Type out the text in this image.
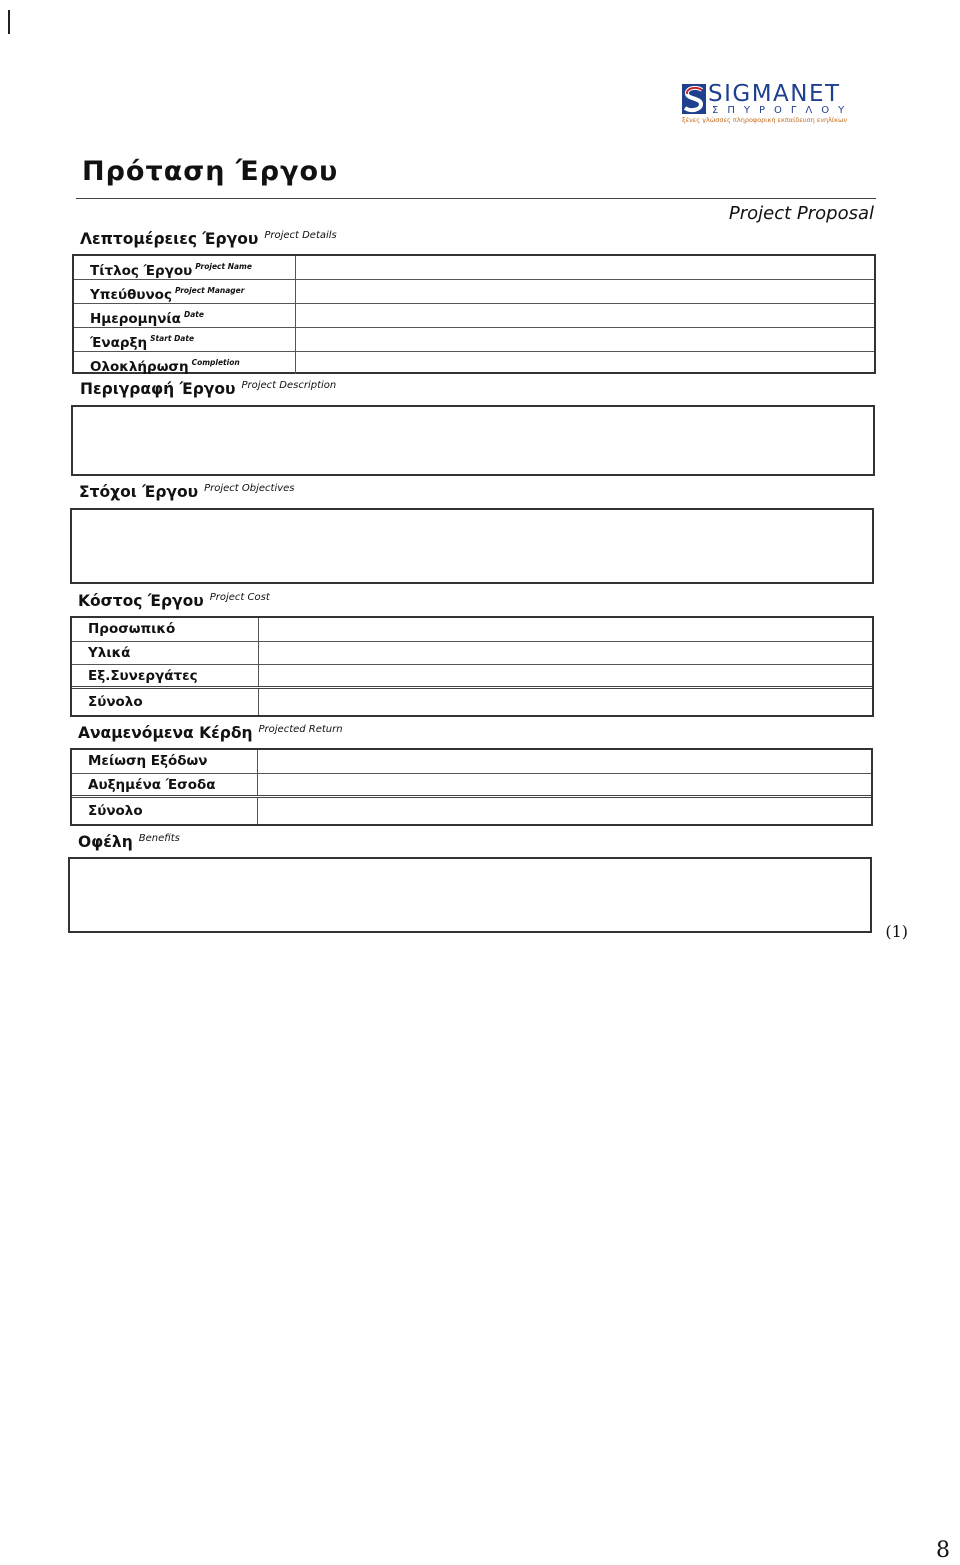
SIGMANET
ΣΠΥΡΟΓΛΟΥ
ξένες γλώσσες πληροφορική εκπαίδευση ενηλίκων
Πρόταση Έργου
Project Proposal
Λεπτομέρειες Έργου $^{Project Details}$
Τίτλος Έργου $^{Project Name}$
Υπεύθυνος $^{Project Manager}$
Ημερομηνία $^{Date}$
Έναρξη $^{Start Date}$
Ολοκλήρωση $^{Completion}$
Περιγραφή Έργου $^{Project Description}$
Στόχοι Έργου $^{Project Objectives}$
Κόστος Έργου $^{Project Cost}$
Προσωπικό
Υλικά
Εξ.Συνεργάτες
Σύνολο
Αναμενόμενα Κέρδη $^{Projected Return}$
Μείωση Εξόδων
Αυξημένα Έσοδα
Σύνολο
Οφέλη $^{Benefits}$
(1)
8
